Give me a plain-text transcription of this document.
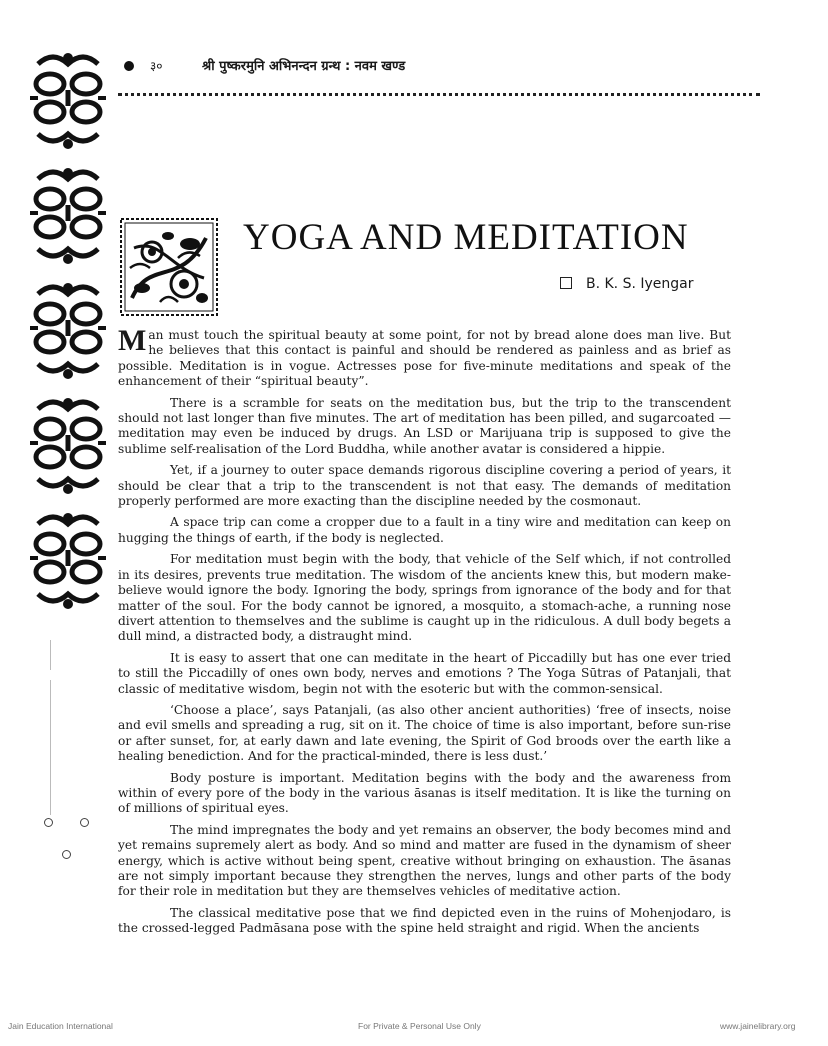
३०	श्री पुष्करमुनि अभिनन्दन ग्रन्थ : नवम खण्ड
YOGA AND MEDITATION
B. K. S. Iyengar

Man must touch the spiritual beauty at some point, for not by bread alone does man live. But he believes that this contact is painful and should be rendered as painless and as brief as possible. Meditation is in vogue. Actresses pose for five-minute meditations and speak of the enhancement of their “spiritual beauty”.

There is a scramble for seats on the meditation bus, but the trip to the transcendent should not last longer than five minutes. The art of meditation has been pilled, and sugarcoated —meditation may even be induced by drugs. An LSD or Marijuana trip is supposed to give the sublime self-realisation of the Lord Buddha, while another avatar is considered a hippie.

Yet, if a journey to outer space demands rigorous discipline covering a period of years, it should be clear that a trip to the transcendent is not that easy. The demands of meditation properly performed are more exacting than the discipline needed by the cosmonaut.

A space trip can come a cropper due to a fault in a tiny wire and meditation can keep on hugging the things of earth, if the body is neglected.

For meditation must begin with the body, that vehicle of the Self which, if not controlled in its desires, prevents true meditation. The wisdom of the ancients knew this, but modern make-believe would ignore the body. Ignoring the body, springs from ignorance of the body and for that matter of the soul. For the body cannot be ignored, a mosquito, a stomach-ache, a running nose divert attention to themselves and the sublime is caught up in the ridiculous. A dull body begets a dull mind, a distracted body, a distraught mind.

It is easy to assert that one can meditate in the heart of Piccadilly but has one ever tried to still the Piccadilly of ones own body, nerves and emotions ? The Yoga Sūtras of Patanjali, that classic of meditative wisdom, begin not with the esoteric but with the common-sensical.

‘Choose a place’, says Patanjali, (as also other ancient authorities) ‘free of insects, noise and evil smells and spreading a rug, sit on it. The choice of time is also important, before sun-rise or after sunset, for, at early dawn and late evening, the Spirit of God broods over the earth like a healing benediction. And for the practical-minded, there is less dust.’

Body posture is important. Meditation begins with the body and the awareness from within of every pore of the body in the various āsanas is itself meditation. It is like the turning on of millions of spiritual eyes.

The mind impregnates the body and yet remains an observer, the body becomes mind and yet remains supremely alert as body. And so mind and matter are fused in the dynamism of sheer energy, which is active without being spent, creative without bringing on exhaustion. The āsanas are not simply important because they strengthen the nerves, lungs and other parts of the body for their role in meditation but they are themselves vehicles of meditative action.

The classical meditative pose that we find depicted even in the ruins of Mohenjodaro, is the crossed-legged Padmāsana pose with the spine held straight and rigid. When the ancients

Jain Education International	For Private & Personal Use Only	www.jainelibrary.org
